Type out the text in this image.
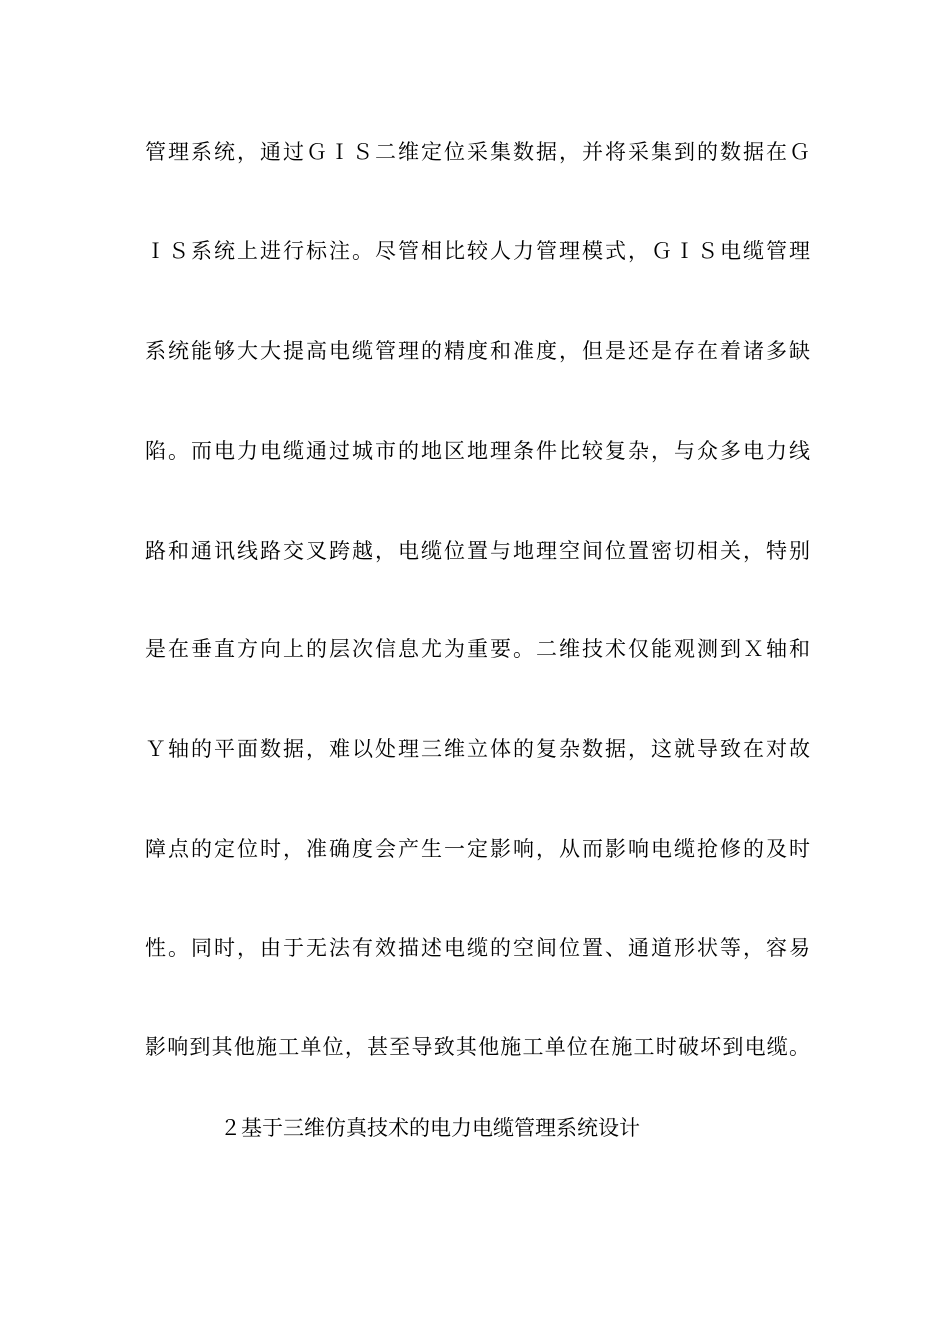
管理系统，通过ＧＩＳ二维定位采集数据，并将采集到的数据在Ｇ
ＩＳ系统上进行标注。尽管相比较人力管理模式，ＧＩＳ电缆管理
系统能够大大提高电缆管理的精度和准度，但是还是存在着诸多缺
陷。而电力电缆通过城市的地区地理条件比较复杂，与众多电力线
路和通讯线路交叉跨越，电缆位置与地理空间位置密切相关，特别
是在垂直方向上的层次信息尤为重要。二维技术仅能观测到Ｘ轴和
Ｙ轴的平面数据，难以处理三维立体的复杂数据，这就导致在对故
障点的定位时，准确度会产生一定影响，从而影响电缆抢修的及时
性。同时，由于无法有效描述电缆的空间位置、通道形状等，容易
影响到其他施工单位，甚至导致其他施工单位在施工时破坏到电缆。
２基于三维仿真技术的电力电缆管理系统设计
